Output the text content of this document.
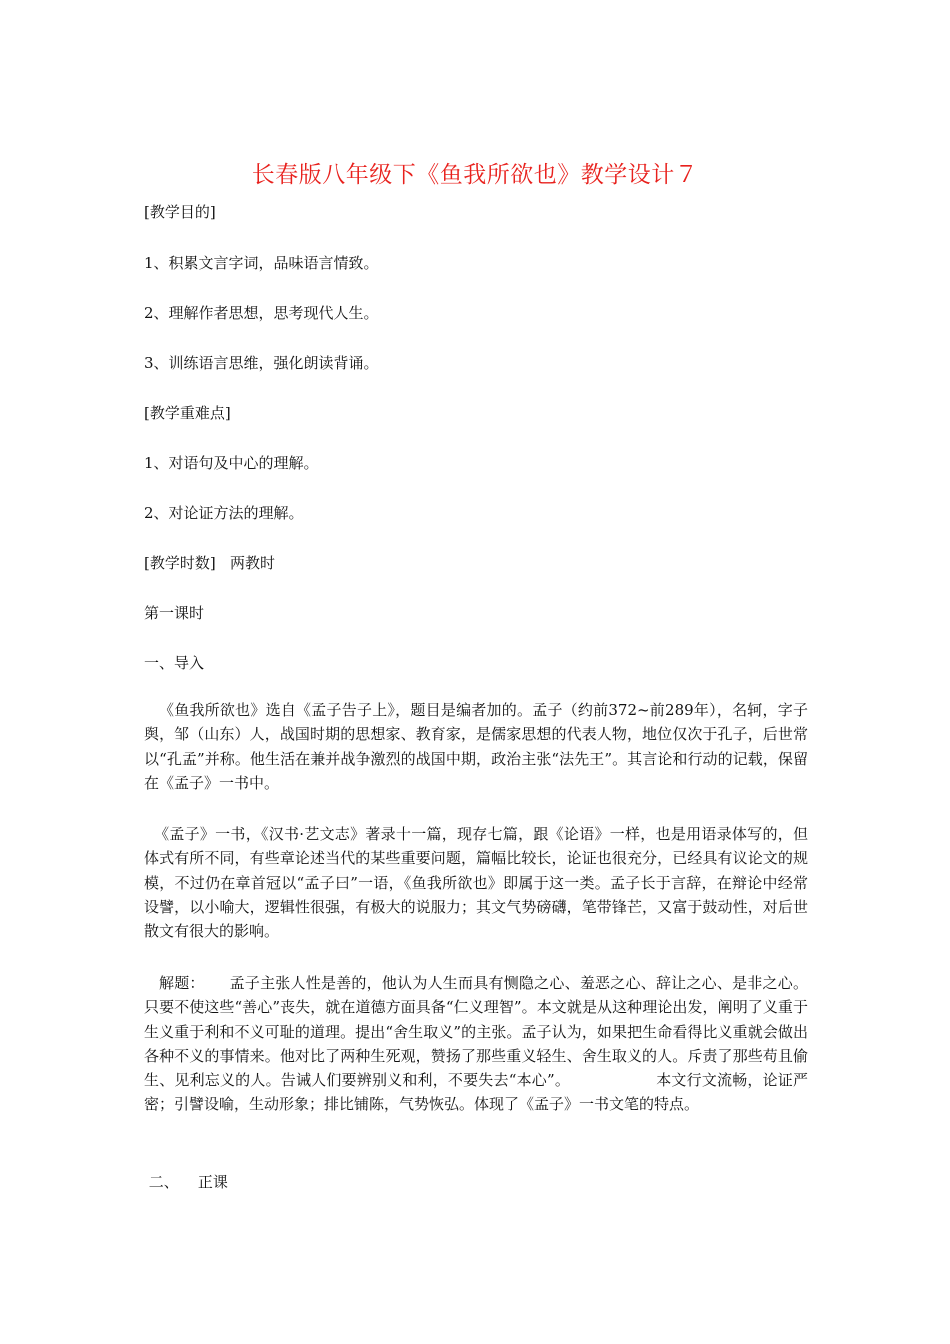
长春版八年级下《鱼我所欲也》教学设计７
[教学目的]
1、积累文言字词，品味语言情致。
2、理解作者思想，思考现代人生。
3、训练语言思维，强化朗读背诵。
[教学重难点]
1、对语句及中心的理解。
2、对论证方法的理解。
[教学时数]   两教时
第一课时
一、导入
《鱼我所欲也》选自《孟子告子上》，题目是编者加的。孟子（约前372~前289年），名轲，字子舆，邹（山东）人，战国时期的思想家、教育家，是儒家思想的代表人物，地位仅次于孔子，后世常以“孔孟”并称。他生活在兼并战争激烈的战国中期，政治主张“法先王”。其言论和行动的记载，保留在《孟子》一书中。
《孟子》一书，《汉书·艺文志》著录十一篇，现存七篇，跟《论语》一样，也是用语录体写的，但体式有所不同，有些章论述当代的某些重要问题，篇幅比较长，论证也很充分，已经具有议论文的规模，不过仍在章首冠以“孟子曰”一语，《鱼我所欲也》即属于这一类。孟子长于言辞，在辩论中经常设譬，以小喻大，逻辑性很强，有极大的说服力；其文气势磅礴，笔带锋芒，又富于鼓动性，对后世散文有很大的影响。
解题：     孟子主张人性是善的，他认为人生而具有恻隐之心、羞恶之心、辞让之心、是非之心。只要不使这些“善心”丧失，就在道德方面具备“仁义理智”。本文就是从这种理论出发，阐明了义重于生义重于利和不义可耻的道理。提出“舍生取义”的主张。孟子认为，如果把生命看得比义重就会做出各种不义的事情来。他对比了两种生死观，赞扬了那些重义轻生、舍生取义的人。斥责了那些苟且偷生、见利忘义的人。告诫人们要辨别义和利，不要失去“本心”。	本文行文流畅，论证严密；引譬设喻，生动形象；排比铺陈，气势恢弘。体现了《孟子》一书文笔的特点。
二、    正课
